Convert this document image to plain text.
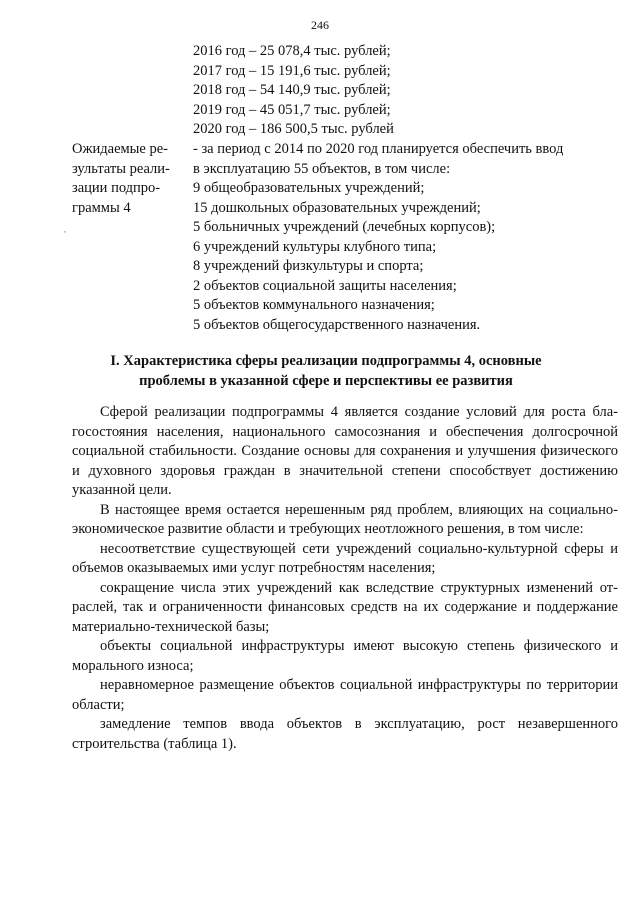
246
2016 год – 25 078,4 тыс. рублей;
2017 год – 15 191,6 тыс. рублей;
2018 год – 54 140,9 тыс. рублей;
2019 год – 45 051,7 тыс. рублей;
2020 год – 186 500,5 тыс. рублей
Ожидаемые ре-
зультаты реали-
зации подпро-
граммы 4
- за период с 2014 по 2020 год планируется обеспечить ввод
в эксплуатацию 55 объектов, в том числе:
9 общеобразовательных учреждений;
15 дошкольных образовательных учреждений;
5 больничных учреждений (лечебных корпусов);
6 учреждений культуры клубного типа;
8 учреждений физкультуры и спорта;
2 объектов социальной защиты населения;
5 объектов коммунального назначения;
5 объектов общегосударственного назначения.
,
I. Характеристика сферы реализации подпрограммы 4, основные проблемы в указанной сфере и перспективы ее развития

Сферой реализации подпрограммы 4 является создание условий для роста благосостояния населения, национального самосознания и обеспечения долгосрочной социальной стабильности. Создание основы для сохранения и улучшения физического и духовного здоровья граждан в значительной степени способствует достижению указанной цели.

В настоящее время остается нерешенным ряд проблем, влияющих на социально-экономическое развитие области и требующих неотложного решения, в том числе:

несоответствие существующей сети учреждений социально-культурной сферы и объемов оказываемых ими услуг потребностям населения;

сокращение числа этих учреждений как вследствие структурных изменений отраслей, так и ограниченности финансовых средств на их содержание и поддержание материально-технической базы;

объекты социальной инфраструктуры имеют высокую степень физического и морального износа;

неравномерное размещение объектов социальной инфраструктуры по территории области;

замедление темпов ввода объектов в эксплуатацию, рост незавершенного строительства (таблица 1).
